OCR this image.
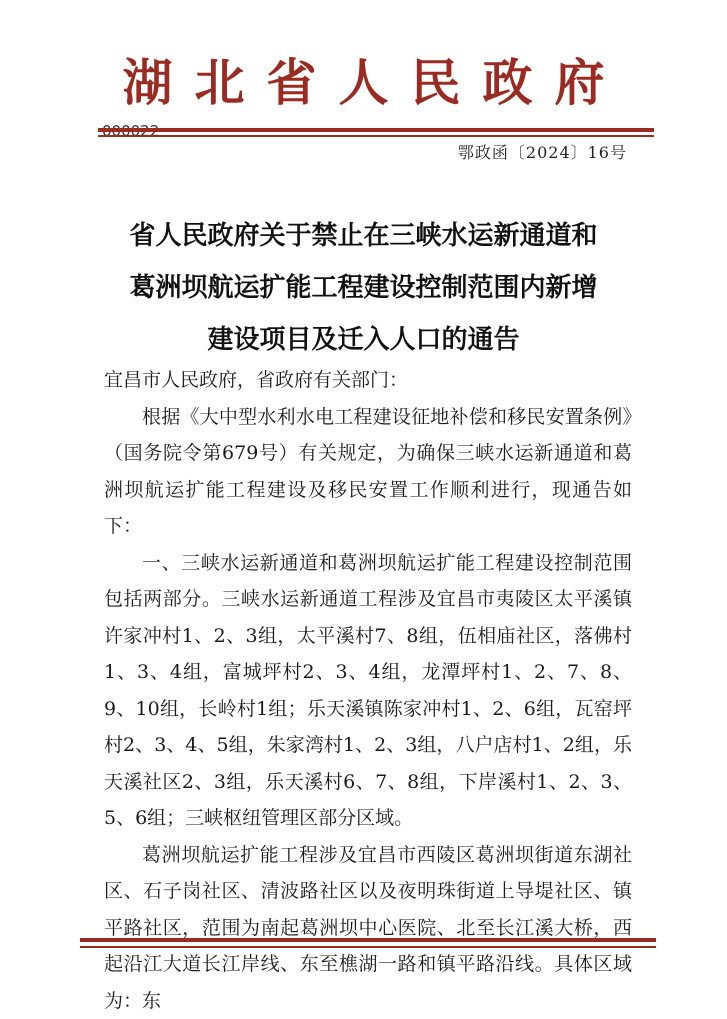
湖北省人民政府
鄂政函〔2024〕16号
省人民政府关于禁止在三峡水运新通道和
葛洲坝航运扩能工程建设控制范围内新增
建设项目及迁入人口的通告

宜昌市人民政府，省政府有关部门：

根据《大中型水利水电工程建设征地补偿和移民安置条例》（国务院令第679号）有关规定，为确保三峡水运新通道和葛洲坝航运扩能工程建设及移民安置工作顺利进行，现通告如下：

一、三峡水运新通道和葛洲坝航运扩能工程建设控制范围包括两部分。三峡水运新通道工程涉及宜昌市夷陵区太平溪镇许家冲村1、2、3组，太平溪村7、8组，伍相庙社区，落佛村1、3、4组，富城坪村2、3、4组，龙潭坪村1、2、7、8、9、10组，长岭村1组；乐天溪镇陈家冲村1、2、6组，瓦窑坪村2、3、4、5组，朱家湾村1、2、3组，八户店村1、2组，乐天溪社区2、3组，乐天溪村6、7、8组，下岸溪村1、2、3、5、6组；三峡枢纽管理区部分区域。

葛洲坝航运扩能工程涉及宜昌市西陵区葛洲坝街道东湖社区、石子岗社区、清波路社区以及夜明珠街道上导堤社区、镇平路社区，范围为南起葛洲坝中心医院、北至长江溪大桥，西起沿江大道长江岸线、东至樵湖一路和镇平路沿线。具体区域为：东
